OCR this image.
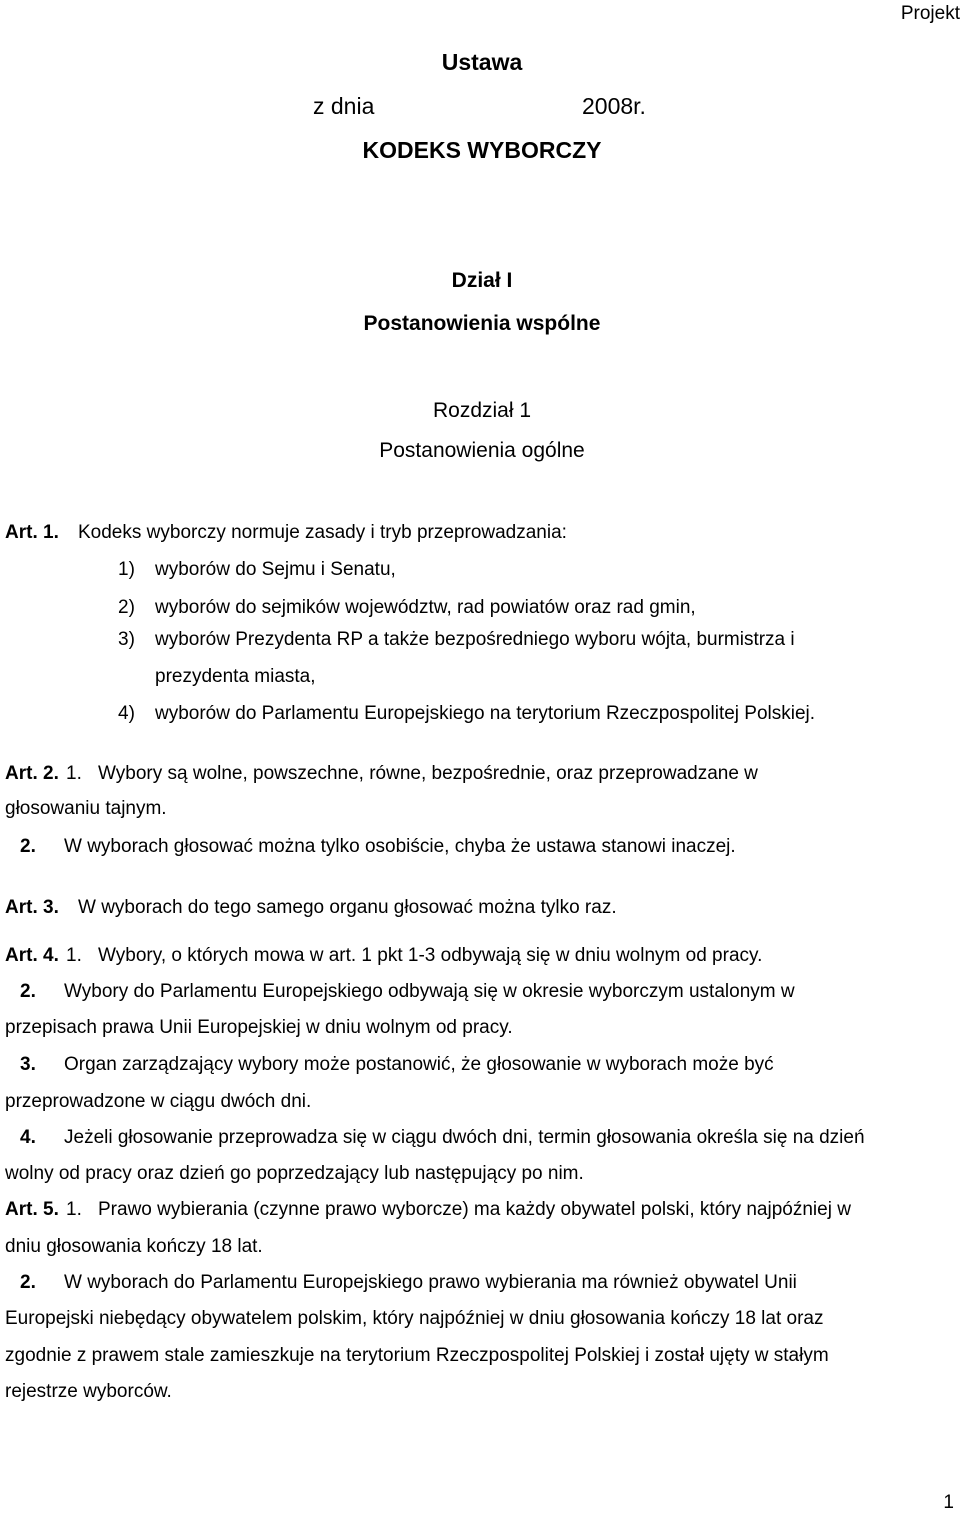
Projekt
Ustawa
z dnia	2008r.
KODEKS WYBORCZY
Dział I
Postanowienia wspólne
Rozdział 1
Postanowienia ogólne
Art. 1. Kodeks wyborczy normuje zasady i tryb przeprowadzania:
1) wyborów do Sejmu i Senatu,
2) wyborów do sejmików województw, rad powiatów oraz rad gmin,
3) wyborów Prezydenta RP a także bezpośredniego wyboru wójta, burmistrza i
prezydenta miasta,
4) wyborów do Parlamentu Europejskiego na terytorium Rzeczpospolitej Polskiej.
Art. 2. 1. Wybory są wolne, powszechne, równe, bezpośrednie, oraz przeprowadzane w
głosowaniu tajnym.
2. W wyborach głosować można tylko osobiście, chyba że ustawa stanowi inaczej.
Art. 3. W wyborach do tego samego organu głosować można tylko raz.
Art. 4. 1. Wybory, o których mowa w art. 1 pkt 1-3 odbywają się w dniu wolnym od pracy.
2. Wybory do Parlamentu Europejskiego odbywają się w okresie wyborczym ustalonym w
przepisach prawa Unii Europejskiej w dniu wolnym od pracy.
3. Organ zarządzający wybory może postanowić, że głosowanie w wyborach może być
przeprowadzone w ciągu dwóch dni.
4. Jeżeli głosowanie przeprowadza się w ciągu dwóch dni, termin głosowania określa się na dzień
wolny od pracy oraz dzień go poprzedzający lub następujący po nim.
Art. 5. 1. Prawo wybierania (czynne prawo wyborcze) ma każdy obywatel polski, który najpóźniej w
dniu głosowania kończy 18 lat.
2. W wyborach do Parlamentu Europejskiego prawo wybierania ma również obywatel Unii
Europejski niebędący obywatelem polskim, który najpóźniej w dniu głosowania kończy 18 lat oraz
zgodnie z prawem stale zamieszkuje na terytorium Rzeczpospolitej Polskiej i został ujęty w stałym
rejestrze wyborców.
1
